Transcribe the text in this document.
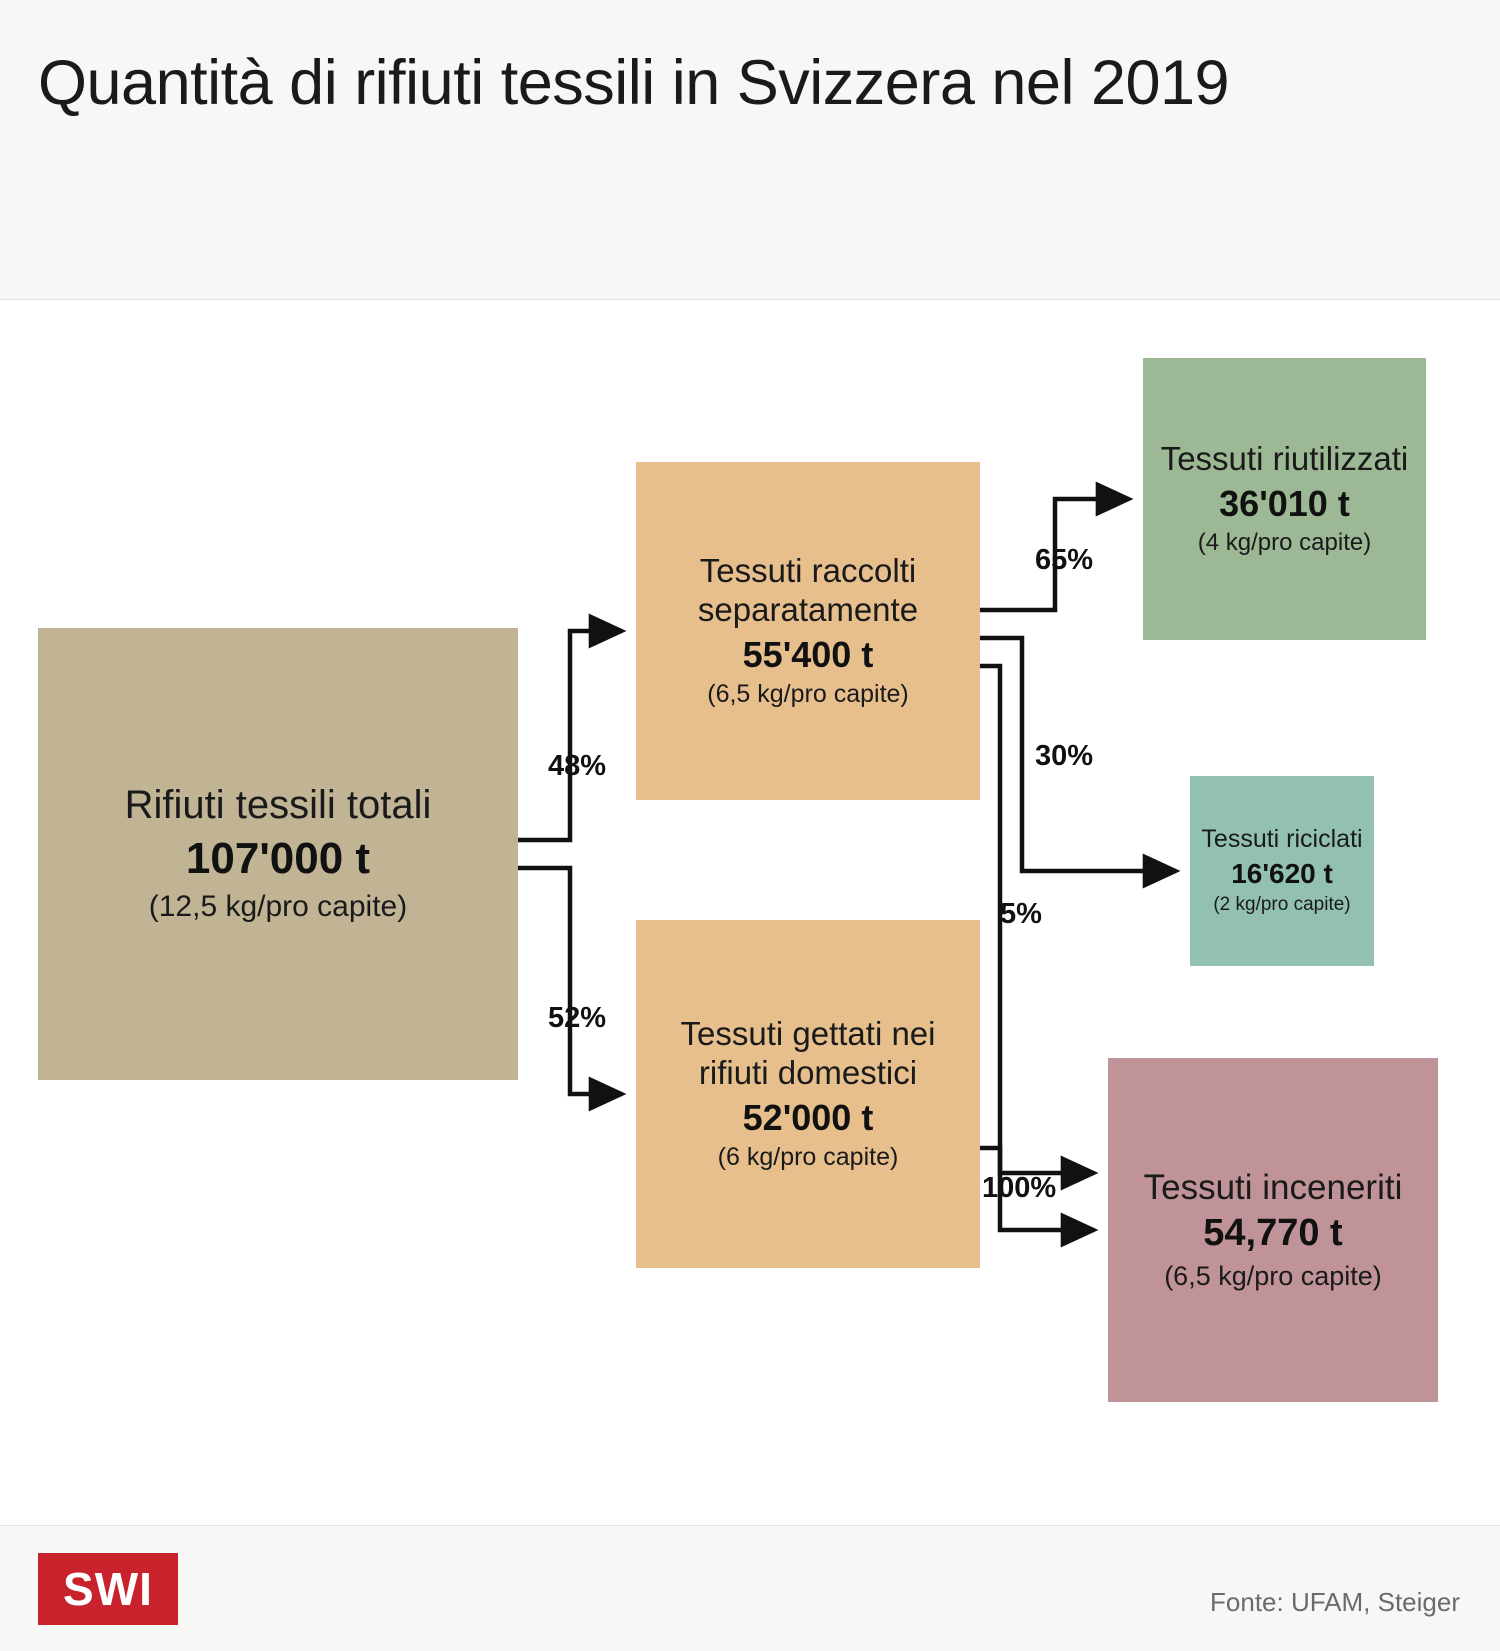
Quantità di rifiuti tessili in Svizzera nel 2019
Rifiuti tessili totali
107'000 t
(12,5 kg/pro capite)
Tessuti raccolti separatamente
55'400 t
(6,5 kg/pro capite)
Tessuti gettati nei rifiuti domestici
52'000 t
(6 kg/pro capite)
Tessuti riutilizzati
36'010 t
(4 kg/pro capite)
Tessuti riciclati
16'620 t
(2 kg/pro capite)
Tessuti inceneriti
54,770 t
(6,5 kg/pro capite)
48%
52%
65%
30%
5%
100%
SWI	Fonte: UFAM, Steiger
